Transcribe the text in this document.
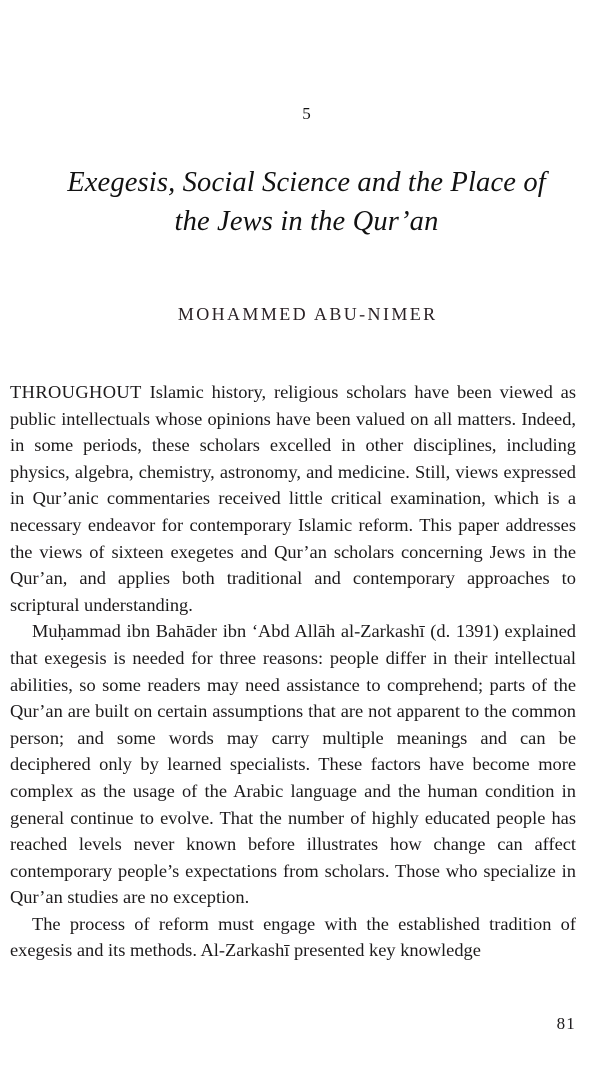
5
Exegesis, Social Science and the Place of
the Jews in the Qur’an
MOHAMMED ABU-NIMER

THROUGHOUT Islamic history, religious scholars have been viewed as public intellectuals whose opinions have been valued on all matters. Indeed, in some periods, these scholars excelled in other disciplines, including physics, algebra, chemistry, astronomy, and medicine. Still, views expressed in Qur’anic commentaries received little critical examination, which is a necessary endeavor for contemporary Islamic reform. This paper addresses the views of sixteen exegetes and Qur’an scholars concerning Jews in the Qur’an, and applies both traditional and contemporary approaches to scriptural understanding.

Muḥammad ibn Bahāder ibn ʻAbd Allāh al-Zarkashī (d. 1391) explained that exegesis is needed for three reasons: people differ in their intellectual abilities, so some readers may need assistance to comprehend; parts of the Qur’an are built on certain assumptions that are not apparent to the common person; and some words may carry multiple meanings and can be deciphered only by learned specialists. These factors have become more complex as the usage of the Arabic language and the human condition in general continue to evolve. That the number of highly educated people has reached levels never known before illustrates how change can affect contemporary people’s expectations from scholars. Those who specialize in Qur’an studies are no exception.

The process of reform must engage with the established tradition of exegesis and its methods. Al-Zarkashī presented key knowledge

81
